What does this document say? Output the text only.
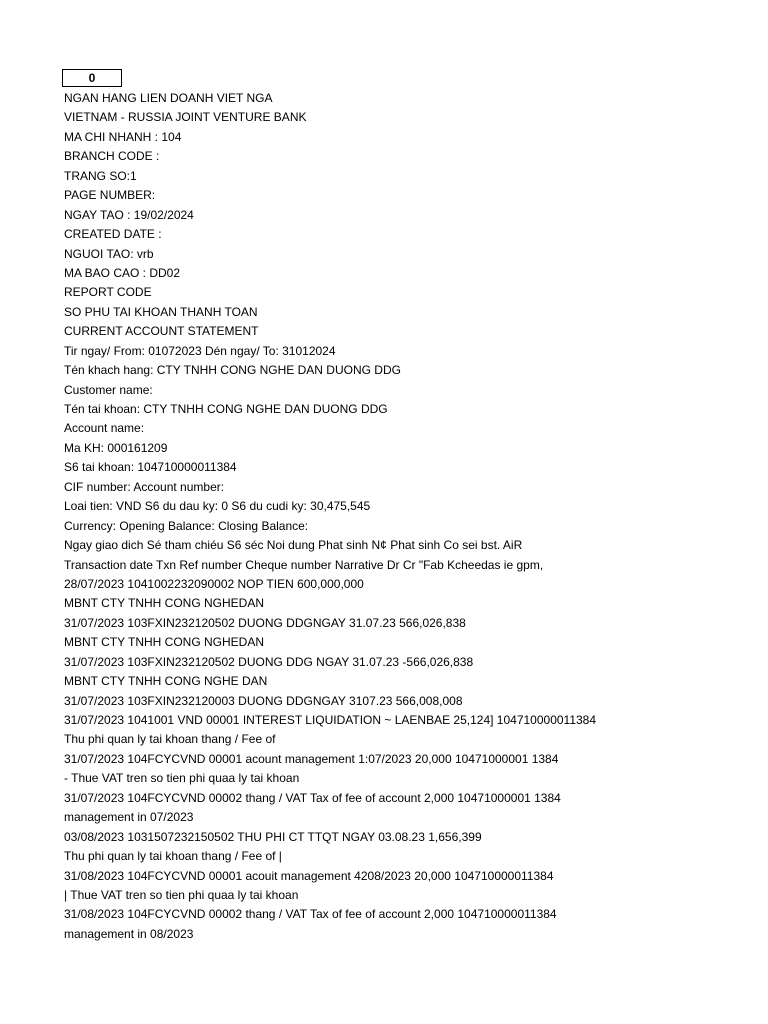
0
NGAN HANG LIEN DOANH VIET NGA
VIETNAM - RUSSIA JOINT VENTURE BANK
MA CHI NHANH : 104
BRANCH CODE :
TRANG SO:1
PAGE NUMBER:
NGAY TAO : 19/02/2024
CREATED DATE :
NGUOI TAO: vrb
MA BAO CAO : DD02
REPORT CODE
SO PHU TAI KHOAN THANH TOAN
CURRENT ACCOUNT STATEMENT
Tir ngay/ From: 01072023 Dén ngay/ To: 31012024
Tén khach hang: CTY TNHH CONG NGHE DAN DUONG DDG
Customer name:
Tén tai khoan: CTY TNHH CONG NGHE DAN DUONG DDG
Account name:
Ma KH: 000161209
S6 tai khoan: 104710000011384
CIF number: Account number:
Loai tien: VND S6 du dau ky: 0 S6 du cudi ky: 30,475,545
Currency: Opening Balance: Closing Balance:
Ngay giao dich Sé tham chiéu S6 séc Noi dung Phat sinh N¢ Phat sinh Co sei bst. AiR
Transaction date Txn Ref number Cheque number Narrative Dr Cr "Fab Kcheedas ie gpm,
28/07/2023 1041002232090002 NOP TIEN 600,000,000
MBNT CTY TNHH CONG NGHEDAN
31/07/2023 103FXIN232120502 DUONG DDGNGAY 31.07.23 566,026,838
MBNT CTY TNHH CONG NGHEDAN
31/07/2023 103FXIN232120502 DUONG DDG NGAY 31.07.23 -566,026,838
MBNT CTY TNHH CONG NGHE DAN
31/07/2023 103FXIN232120003 DUONG DDGNGAY 3107.23 566,008,008
31/07/2023 1041001 VND 00001 INTEREST LIQUIDATION ~ LAENBAE 25,124] 104710000011384
Thu phi quan ly tai khoan thang / Fee of
31/07/2023 104FCYCVND 00001 acount management 1:07/2023 20,000 10471000001 1384
- Thue VAT tren so tien phi quaa ly tai khoan
31/07/2023 104FCYCVND 00002 thang / VAT Tax of fee of account 2,000 10471000001 1384
management in 07/2023
03/08/2023 1031507232150502 THU PHI CT TTQT NGAY 03.08.23 1,656,399
Thu phi quan ly tai khoan thang / Fee of |
31/08/2023 104FCYCVND 00001 acouit management 4208/2023 20,000 104710000011384
| Thue VAT tren so tien phi quaa ly tai khoan
31/08/2023 104FCYCVND 00002 thang / VAT Tax of fee of account 2,000 104710000011384
management in 08/2023
